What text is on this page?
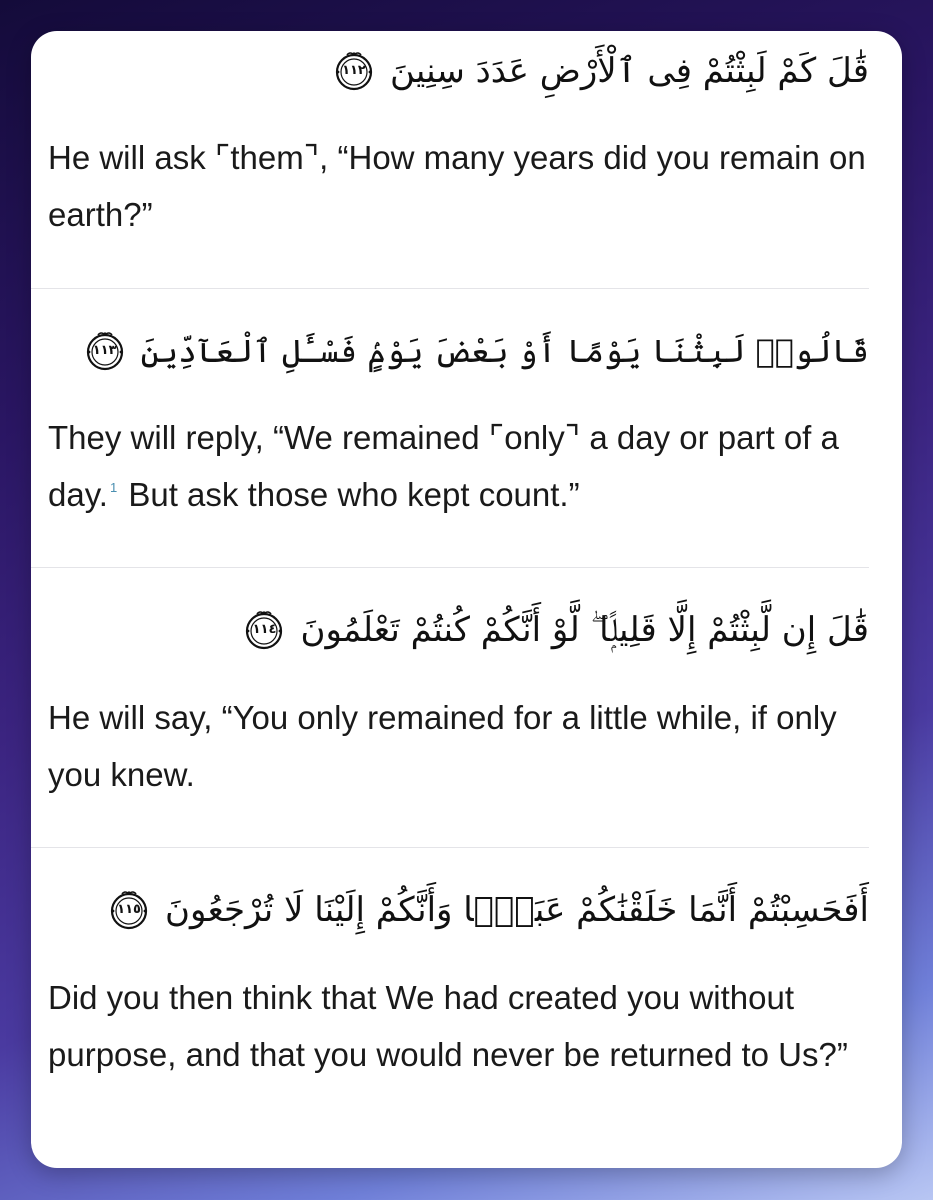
قَٰلَ كَمْ لَبِثْتُمْ فِى ٱلْأَرْضِ عَدَدَ سِنِينَ
١١٢
He will ask ⌜them⌝, “How many years did you remain on earth?”
قَالُوا۟ لَبِثْنَا يَوْمًا أَوْ بَعْضَ يَوْمٍۢ فَسْـَٔلِ ٱلْعَآدِّينَ
١١٣
They will reply, “We remained ⌜only⌝ a day or part of a day. $^1$ But ask those who kept count.”
قَٰلَ إِن لَّبِثْتُمْ إِلَّا قَلِيلًۭا ۖ لَّوْ أَنَّكُمْ كُنتُمْ تَعْلَمُونَ
١١٤
He will say, “You only remained for a little while, if only you knew.
أَفَحَسِبْتُمْ أَنَّمَا خَلَقْنَٰكُمْ عَبَثًۭا وَأَنَّكُمْ إِلَيْنَا لَا تُرْجَعُونَ
١١٥
Did you then think that We had created you without purpose, and that you would never be returned to Us?”
